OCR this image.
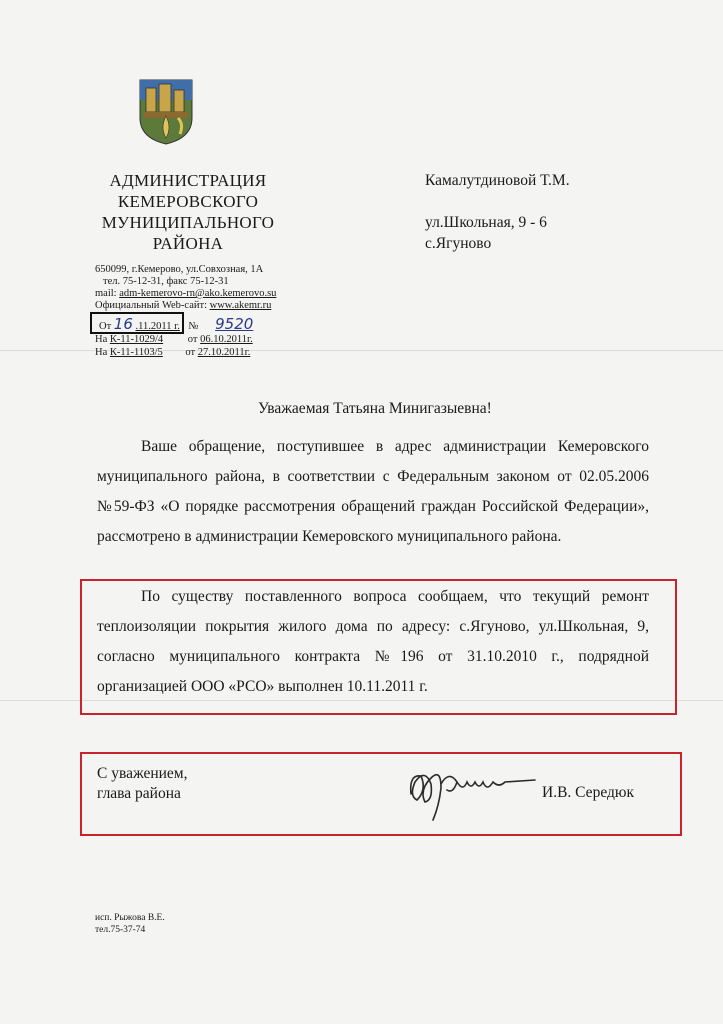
АДМИНИСТРАЦИЯ
КЕМЕРОВСКОГО
МУНИЦИПАЛЬНОГО
РАЙОНА
650099, г.Кемерово, ул.Совхозная, 1А
тел. 75-12-31, факс 75-12-31
mail: adm-kemerovo-rn@ako.kemerovo.su
Официальный Web-сайт: www.akemr.ru
От 16 .11.2011 г. № 9520
На К-11-1029/4 от 06.10.2011г.
На К-11-1103/5 от 27.10.2011г.
Камалутдиновой Т.М.
ул.Школьная, 9 - 6
с.Ягуново
Уважаемая Татьяна Минигазыевна!
Ваше обращение, поступившее в адрес администрации Кемеровского муниципального района, в соответствии с Федеральным законом от 02.05.2006 №59-ФЗ «О порядке рассмотрения обращений граждан Российской Федерации», рассмотрено в администрации Кемеровского муниципального района.
По существу поставленного вопроса сообщаем, что текущий ремонт теплоизоляции покрытия жилого дома по адресу: с.Ягуново, ул.Школьная, 9, согласно муниципального контракта №196 от 31.10.2010 г., подрядной организацией ООО «РСО» выполнен 10.11.2011 г.
С уважением,
глава района	И.В. Середюк
исп. Рыжова В.Е.
тел.75-37-74
